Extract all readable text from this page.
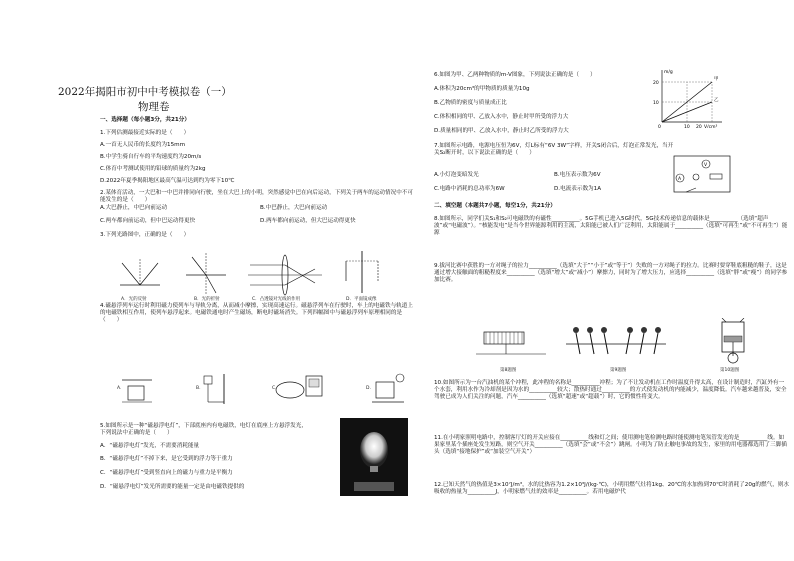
2022年揭阳市初中中考模拟卷（一）
物理卷
一、选择题（每小题3分，共21分）
1.下列估测最接近实际的是（　　）
A.一首无人民币的长度约为15mm
B.中学生骑自行车的平均速度约为20m/s
C.体育中考测试使用的铅球的质量约为2kg
D.2022年夏季揭阳地区最高气温可达到约为零下10℃
2.某体育活动，一大巴和一中巴并排同向行驶，坐在大巴上的小明，突然感觉中巴在向后运动，下列关于两车的运动情况中不可能发生的是（　　）
A.大巴静止，中巴向前运动	B.中巴静止，大巴向前运动
C.两车都向前运动，但中巴运动得更快	D.两车都向前运动，但大巴运动得更快
3.下列光路图中，正确的是（　　）
4.磁悬浮列车运行时利用磁力使列车与导轨分离，从而减小摩擦，实现高速运行。磁悬浮列车在行驶时，车上的电磁铁与轨道上的电磁铁相互作用，使列车悬浮起来。电磁铁通电时产生磁场，断电时磁场消失。下列四幅图中与磁悬浮列车原理相同的是（　　）
5.如图所示是一种“磁悬浮电灯”，下部底座内有电磁铁，电灯在底座上方悬浮发光，下列说法中正确的是（　　）
A．“磁悬浮电灯”发光，不需要消耗能量
B．“磁悬浮电灯”不掉下来，是它受到的浮力等于重力
C．“磁悬浮电灯”受到竖直向上的磁力与重力是平衡力
D．“磁悬浮电灯”发光所需要的能量一定是由电磁铁提供的
A．光的反射	B．光的折射	C．凸透镜对光线的作用	D．平面镜成像
A.	B.	C.	D.
6.如图为甲、乙两种物质的m-V图象，下列说法正确的是（　　）
A.体积为20cm³的甲物质的质量为10g
B.乙物质的密度与质量成正比
C.体积相同的甲、乙放入水中，静止时甲所受的浮力大
D.质量相同的甲、乙放入水中，静止时乙所受的浮力大
7.如图所示电路，电源电压恒为6V，灯L标有“6V 3W”字样，开关S闭合后，灯泡正常发光，当开关S₂断开时，以下说法正确的是（　　）
A.小灯泡变暗发光	B.电压表示数为6V
C.电路中消耗的总功率为6W	D.电流表示数为1A
二、填空题（本题共7小题，每空1分，共21分）
8.如图所示，同学们关S₁和S₂可电磁铁的有磁性__________。5G手机已进入5G时代，5G技术传递信息的载体是__________（选填“超声波”或“电磁波”）。“核能发电”是当今世界能源利用的主流，太阳能已被人们广泛利用，太阳能属于__________（选填“可再生”或“不可再生”）能源
9.拔河比赛中获胜的一方对绳子的拉力__________（选填“大于”“小于”或“等于”）失败的一方对绳子的拉力。比赛时要穿鞋底粗糙的鞋子，这是通过增大接触面的粗糙程度来__________（选填“增大”或“减小”）摩擦力，同时为了增大压力，应选择__________（选填“胖”或“瘦”）的同学参加比赛。
10.如图所示为一台汽油机的某个冲程，此冲程的名称是__________冲程；为了不让发动机在工作时温度升得太高，在设计制造时，汽缸外有一个水套，利用水作为冷却剂是因为水的__________较大；散热时通过__________的方式使发动机的内能减少，温度降低。汽车越来越普及，安全驾驶已成为人们关注的问题，汽车__________（选填“超速”或“超载”）时，它的惯性将变大。
11.在小明家照明电路中，控制客厅灯的开关应接在__________线和灯之间；使用测电笔检测电路时能使测电笔氖管发光的是__________线。如果家里某个插座处发生短路，则空气开关__________（选填“会”或“不会”）跳闸。小明为了防止触电事故的发生，家里的用电器都选用了三脚插头（选填“接地保护”或“加装空气开关”）
12.已知天然气的热值是3×10⁷J/m³，水的比热容为1.2×10³J/(kg·℃)，小明用燃气灶将1kg、20℃的水加热到70℃时消耗了20g的燃气，则水吸收的热量为__________J，小明家燃气灶的效率是__________。若用电磁炉代
m/g
V/cm³
20
10
0	10 20
甲
乙
V
A
第8题图	第9题图	第10题图
